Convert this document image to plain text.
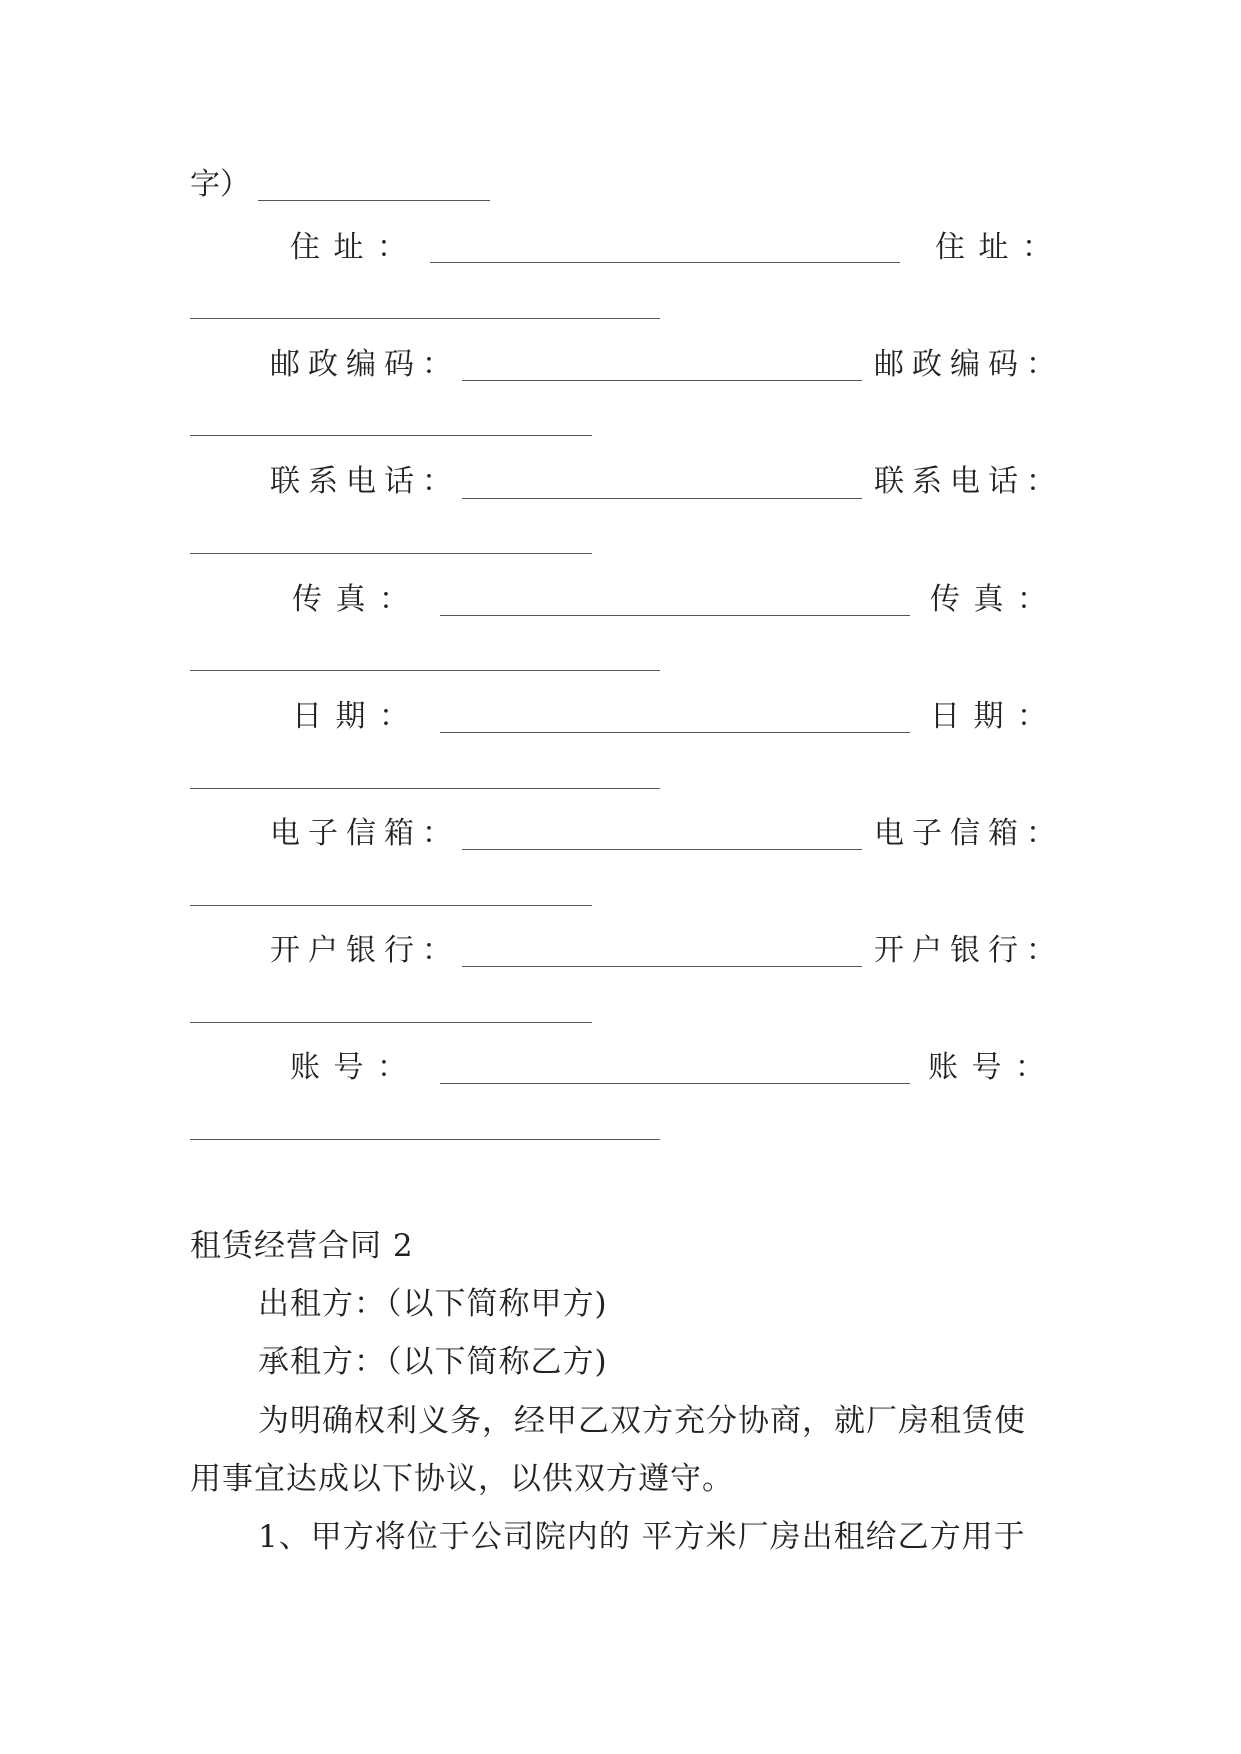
字）
住址：	住址：
邮政编码：	邮政编码：
联系电话：	联系电话：
传真：	传真：
日期：	日期：
电子信箱：	电子信箱：
开户银行：	开户银行：
账号：	账号：
租赁经营合同 2
出租方：（以下简称甲方)
承租方：（以下简称乙方)
为明确权利义务，经甲乙双方充分协商，就厂房租赁使
用事宜达成以下协议，以供双方遵守。
1、甲方将位于公司院内的 平方米厂房出租给乙方用于
